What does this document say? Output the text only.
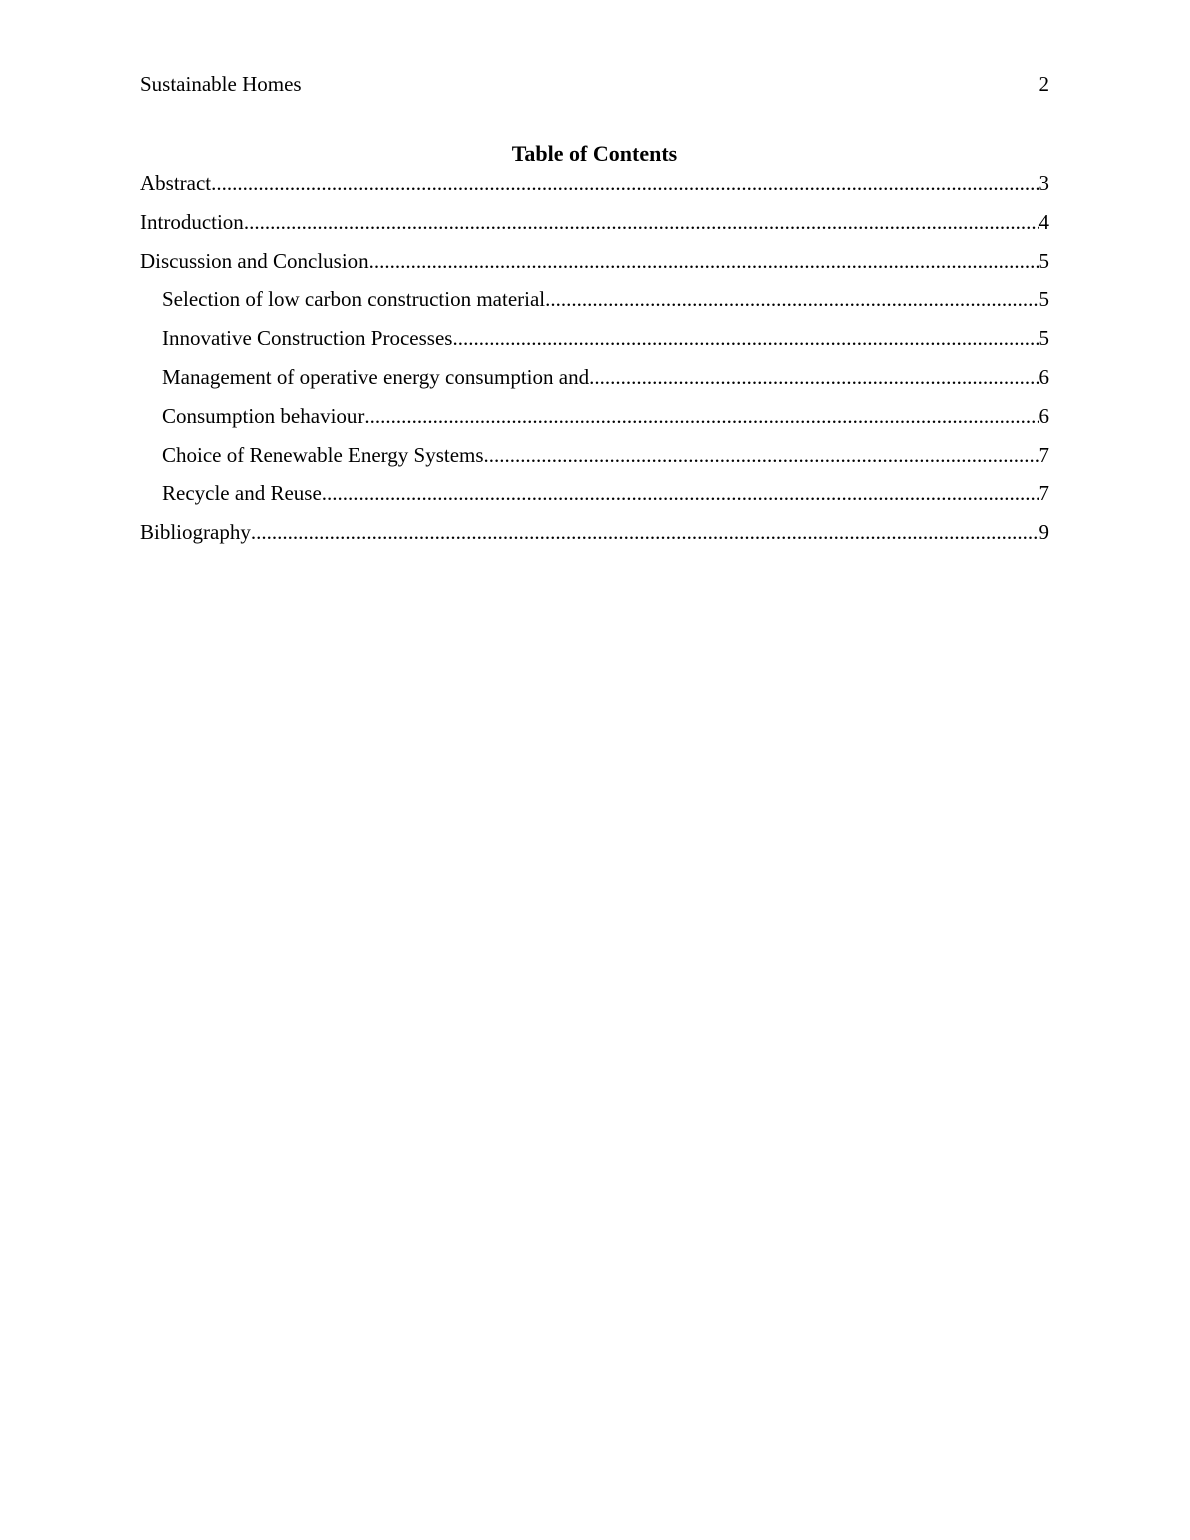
Sustainable Homes	2
Table of Contents
Abstract .....	3
Introduction .....	4
Discussion and Conclusion .....	5
Selection of low carbon construction material .....	5
Innovative Construction Processes .....	5
Management of operative energy consumption and .....	6
Consumption behaviour .....	6
Choice of Renewable Energy Systems .....	7
Recycle and Reuse .....	7
Bibliography .....	9
